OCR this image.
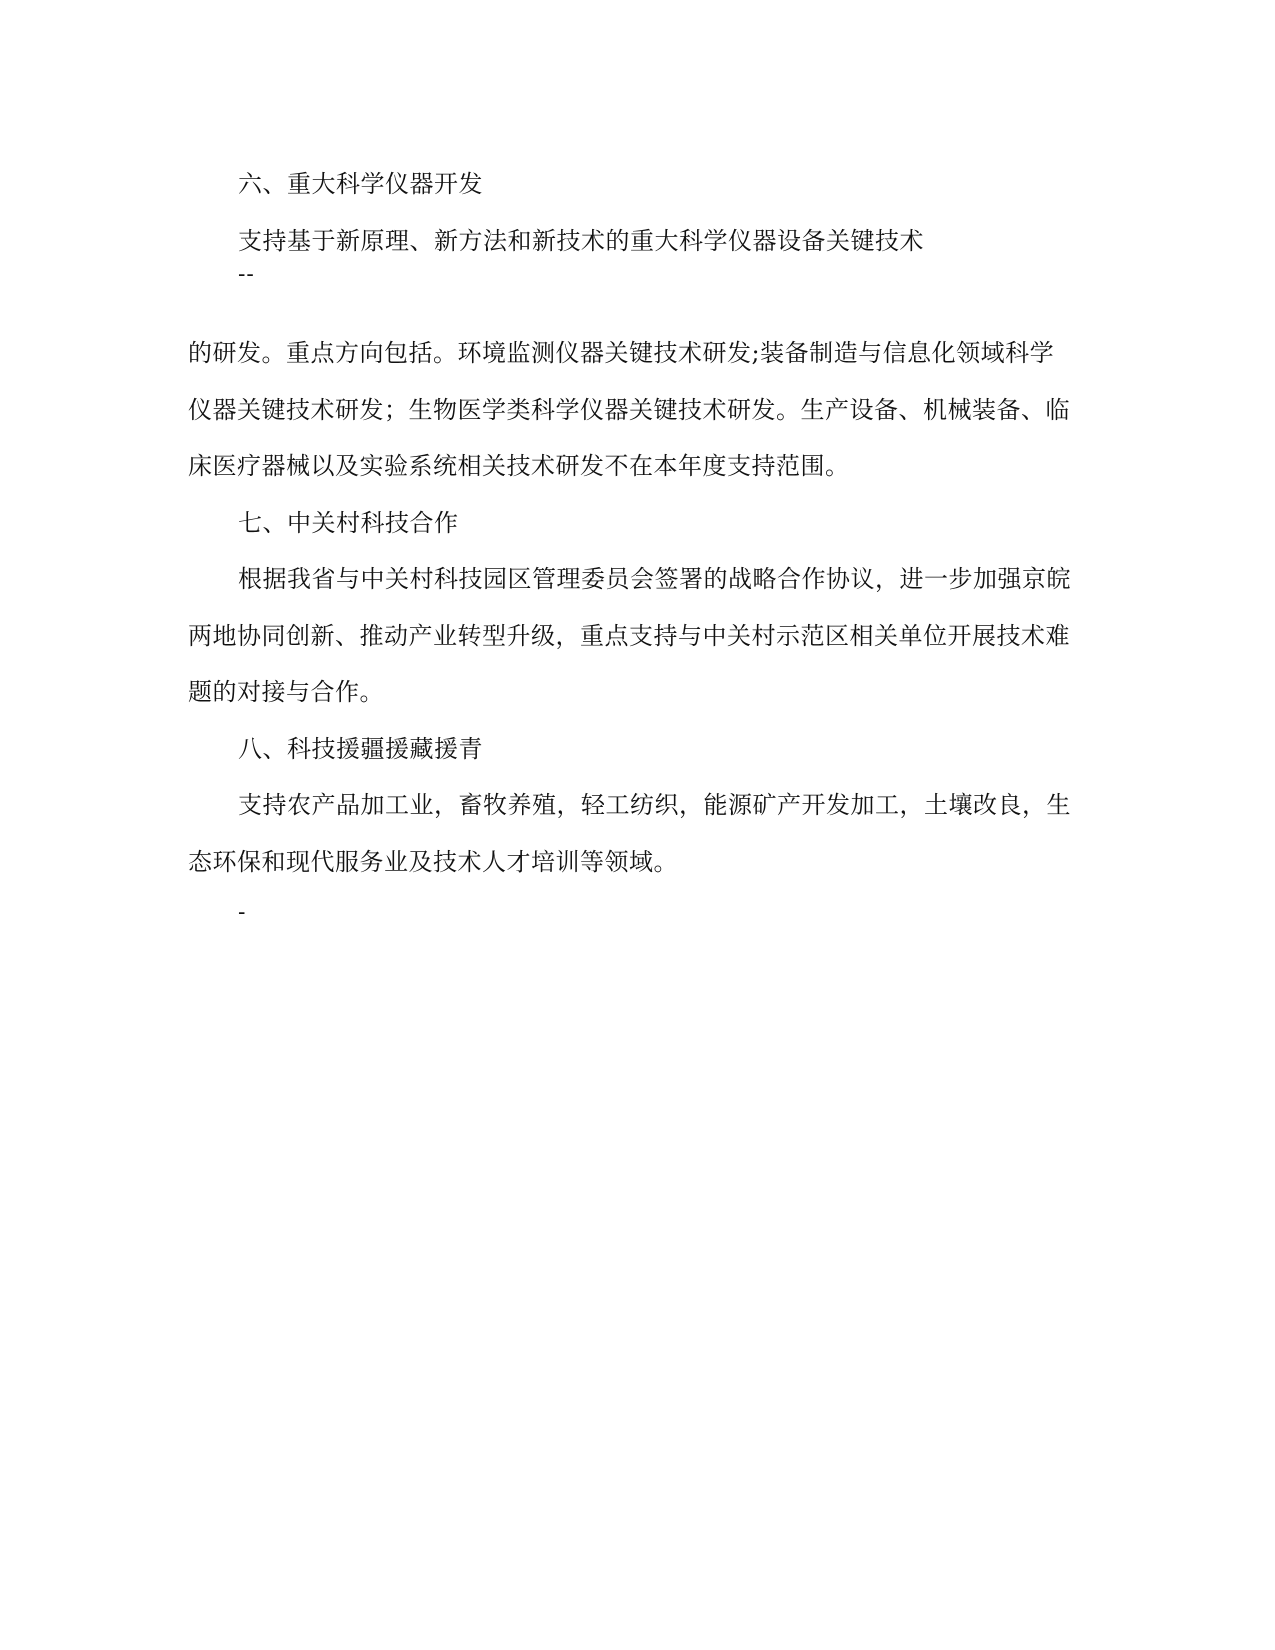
六、重大科学仪器开发
支持基于新原理、新方法和新技术的重大科学仪器设备关键技术
--
的研发。重点方向包括。环境监测仪器关键技术研发;装备制造与信息化领域科学
仪器关键技术研发；生物医学类科学仪器关键技术研发。生产设备、机械装备、临
床医疗器械以及实验系统相关技术研发不在本年度支持范围。
七、中关村科技合作
根据我省与中关村科技园区管理委员会签署的战略合作协议，进一步加强京皖
两地协同创新、推动产业转型升级，重点支持与中关村示范区相关单位开展技术难
题的对接与合作。
八、科技援疆援藏援青
支持农产品加工业，畜牧养殖，轻工纺织，能源矿产开发加工，土壤改良，生
态环保和现代服务业及技术人才培训等领域。
-
